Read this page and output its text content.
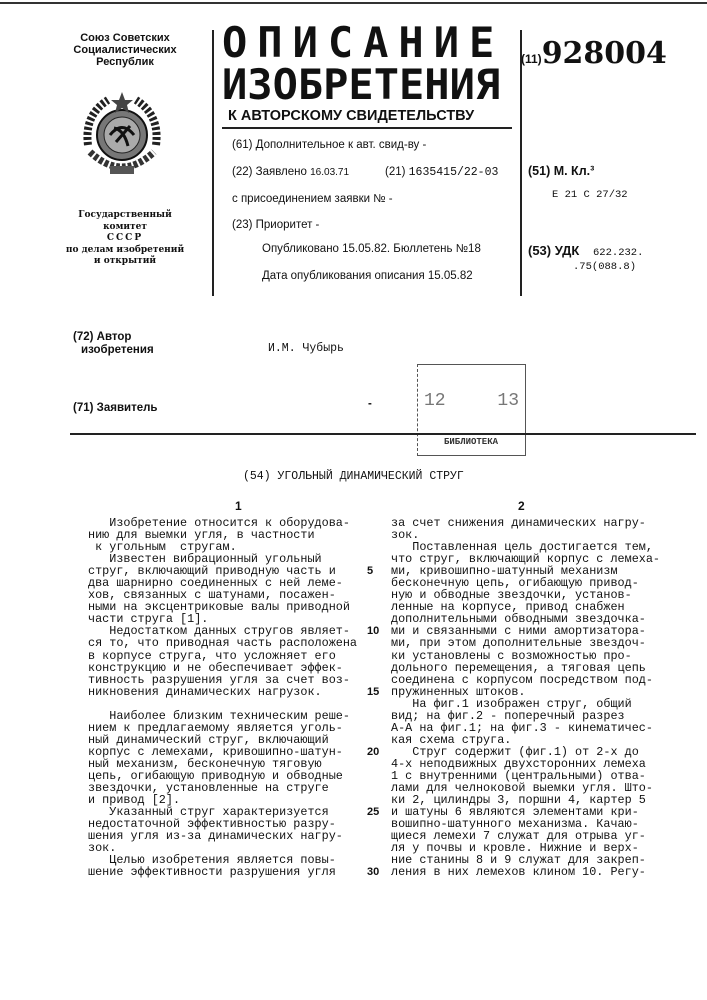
Союз Советских
Социалистических
Республик
Государственный комитет
СССР
по делам изобретений
и открытий
ОПИСАНИЕ
ИЗОБРЕТЕНИЯ
К АВТОРСКОМУ СВИДЕТЕЛЬСТВУ
(11)928004
(61) Дополнительное к авт. свид-ву -
(22) Заявлено 16.03.71	(21) 1635415/22-03
с присоединением заявки № -
(23) Приоритет -
Опубликовано 15.05.82. Бюллетень №18
Дата опубликования описания 15.05.82
(51) М. Кл.³
E 21 C 27/32
(53) УДК 622.232.
.75(088.8)
(72) Автор
изобретения	И.М. Чубырь
(71) Заявитель	-	12	13
БИБЛИОТЕКА
(54) УГОЛЬНЫЙ ДИНАМИЧЕСКИЙ СТРУГ
1	2
Изобретение относится к оборудова-
нию для выемки угля, в частности
к угольным  стругам.
Известен вибрационный угольный
струг, включающий приводную часть и
два шарнирно соединенных с ней леме-
хов, связанных с шатунами, посажен-
ными на эксцентриковые валы приводной
части струга [1].
Недостатком данных стругов являет-
ся то, что приводная часть расположена
в корпусе струга, что усложняет его
конструкцию и не обеспечивает эффек-
тивность разрушения угля за счет воз-
никновения динамических нагрузок.
Наиболее близким техническим реше-
нием к предлагаемому является уголь-
ный динамический струг, включающий
корпус с лемехами, кривошипно-шатун-
ный механизм, бесконечную тяговую
цепь, огибающую приводную и обводные
звездочки, установленные на струге
и привод [2].
Указанный струг характеризуется
недостаточной эффективностью разру-
шения угля из-за динамических нагру-
зок.
Целью изобретения является повы-
шение эффективности разрушения угля
за счет снижения динамических нагру-
зок.
Поставленная цель достигается тем,
что струг, включающий корпус с лемеха-
ми, кривошипно-шатунный механизм
бесконечную цепь, огибающую привод-
ную и обводные звездочки, установ-
ленные на корпусе, привод снабжен
дополнительными обводными звездочка-
ми и связанными с ними амортизатора-
ми, при этом дополнительные звездоч-
ки установлены с возможностью про-
дольного перемещения, а тяговая цепь
соединена с корпусом посредством под-
пружиненных штоков.
На фиг.1 изображен струг, общий
вид; на фиг.2 - поперечный разрез
А-А на фиг.1; на фиг.3 - кинематичес-
кая схема струга.
Струг содержит (фиг.1) от 2-х до
4-х неподвижных двухсторонних лемеха
1 с внутренними (центральными) отва-
лами для челноковой выемки угля. Што-
ки 2, цилиндры 3, поршни 4, картер 5
и шатуны 6 являются элементами кри-
вошипно-шатунного механизма. Качаю-
щиеся лемехи 7 служат для отрыва уг-
ля у почвы и кровле. Нижние и верх-
ние станины 8 и 9 служат для закреп-
ления в них лемехов клином 10. Регу-
5
10
15
20
25
30
